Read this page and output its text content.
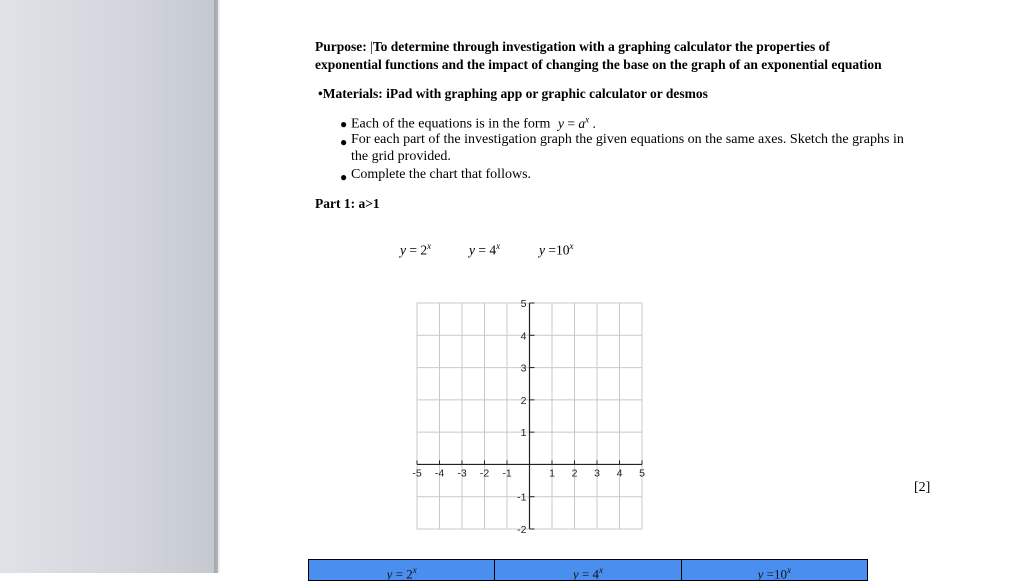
Purpose: |To determine through investigation with a graphing calculator the properties of
exponential functions and the impact of changing the base on the graph of an exponential equation
•Materials: iPad with graphing app or graphic calculator or desmos
● Each of the equations is in the form $y = a^x$ .
● For each part of the investigation graph the given equations on the same axes. Sketch the graphs in
the grid provided.
● Complete the chart that follows.
Part 1: a>1
$y = 2^x$	$y = 4^x$	$y =10^x$
-5 -4 -3 -2 -1	1 2 3 4 5
5
4
3
2
1
-1
-2
[2]
$y = 2^x$	$y = 4^x$	$y =10^x$
